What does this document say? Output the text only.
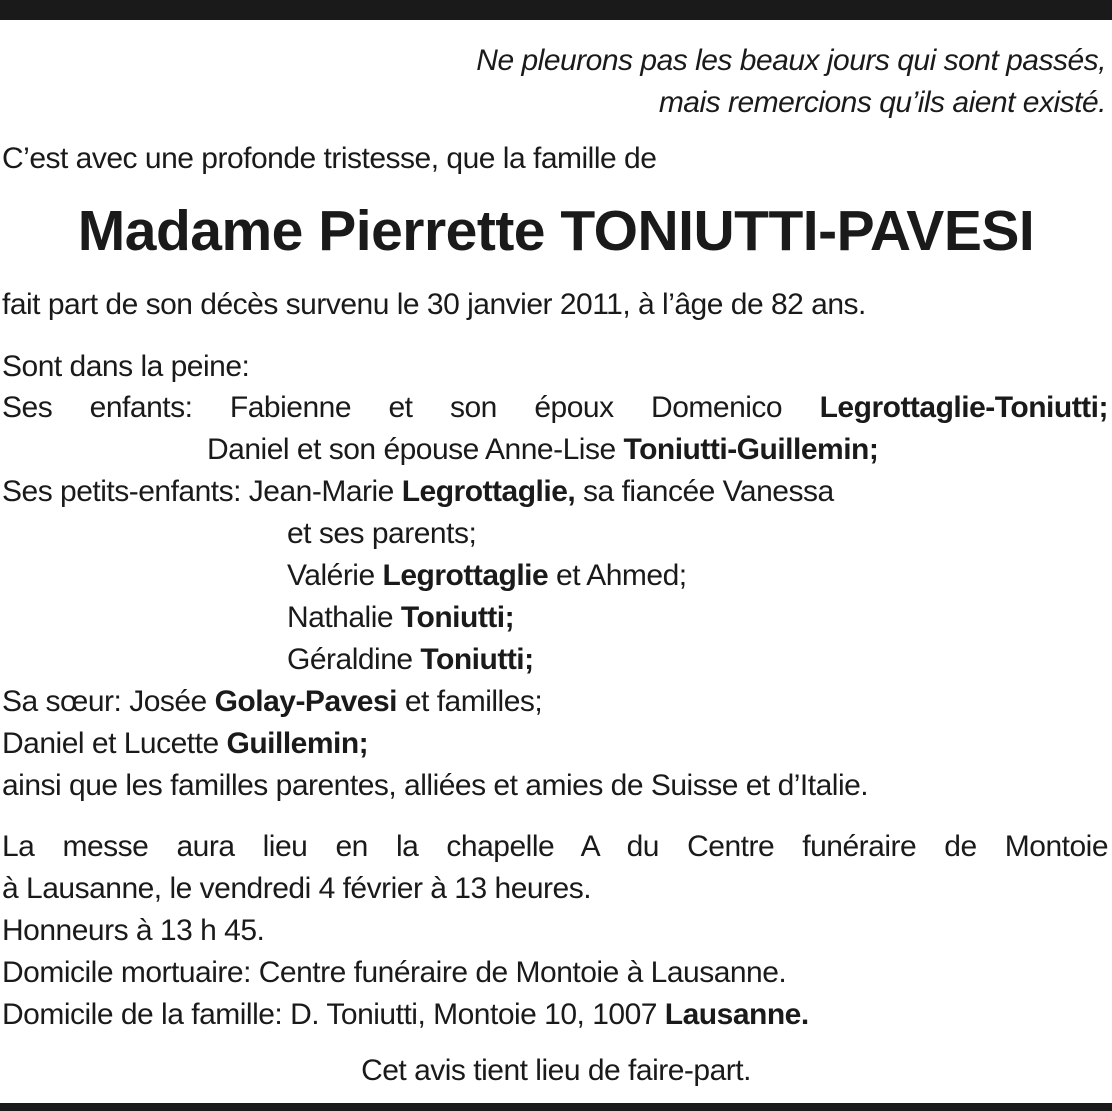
Ne pleurons pas les beaux jours qui sont passés,
mais remercions qu’ils aient existé.
C’est avec une profonde tristesse, que la famille de
Madame Pierrette TONIUTTI-PAVESI
fait part de son décès survenu le 30 janvier 2011, à l’âge de 82 ans.
Sont dans la peine:
Ses enfants: Fabienne et son époux Domenico Legrottaglie-Toniutti;
Daniel et son épouse Anne-Lise Toniutti-Guillemin;
Ses petits-enfants: Jean-Marie Legrottaglie, sa fiancée Vanessa
et ses parents;
Valérie Legrottaglie et Ahmed;
Nathalie Toniutti;
Géraldine Toniutti;
Sa sœur: Josée Golay-Pavesi et familles;
Daniel et Lucette Guillemin;
ainsi que les familles parentes, alliées et amies de Suisse et d’Italie.
La messe aura lieu en la chapelle A du Centre funéraire de Montoie
à Lausanne, le vendredi 4 février à 13 heures.
Honneurs à 13 h 45.
Domicile mortuaire: Centre funéraire de Montoie à Lausanne.
Domicile de la famille: D. Toniutti, Montoie 10, 1007 Lausanne.
Cet avis tient lieu de faire-part.
